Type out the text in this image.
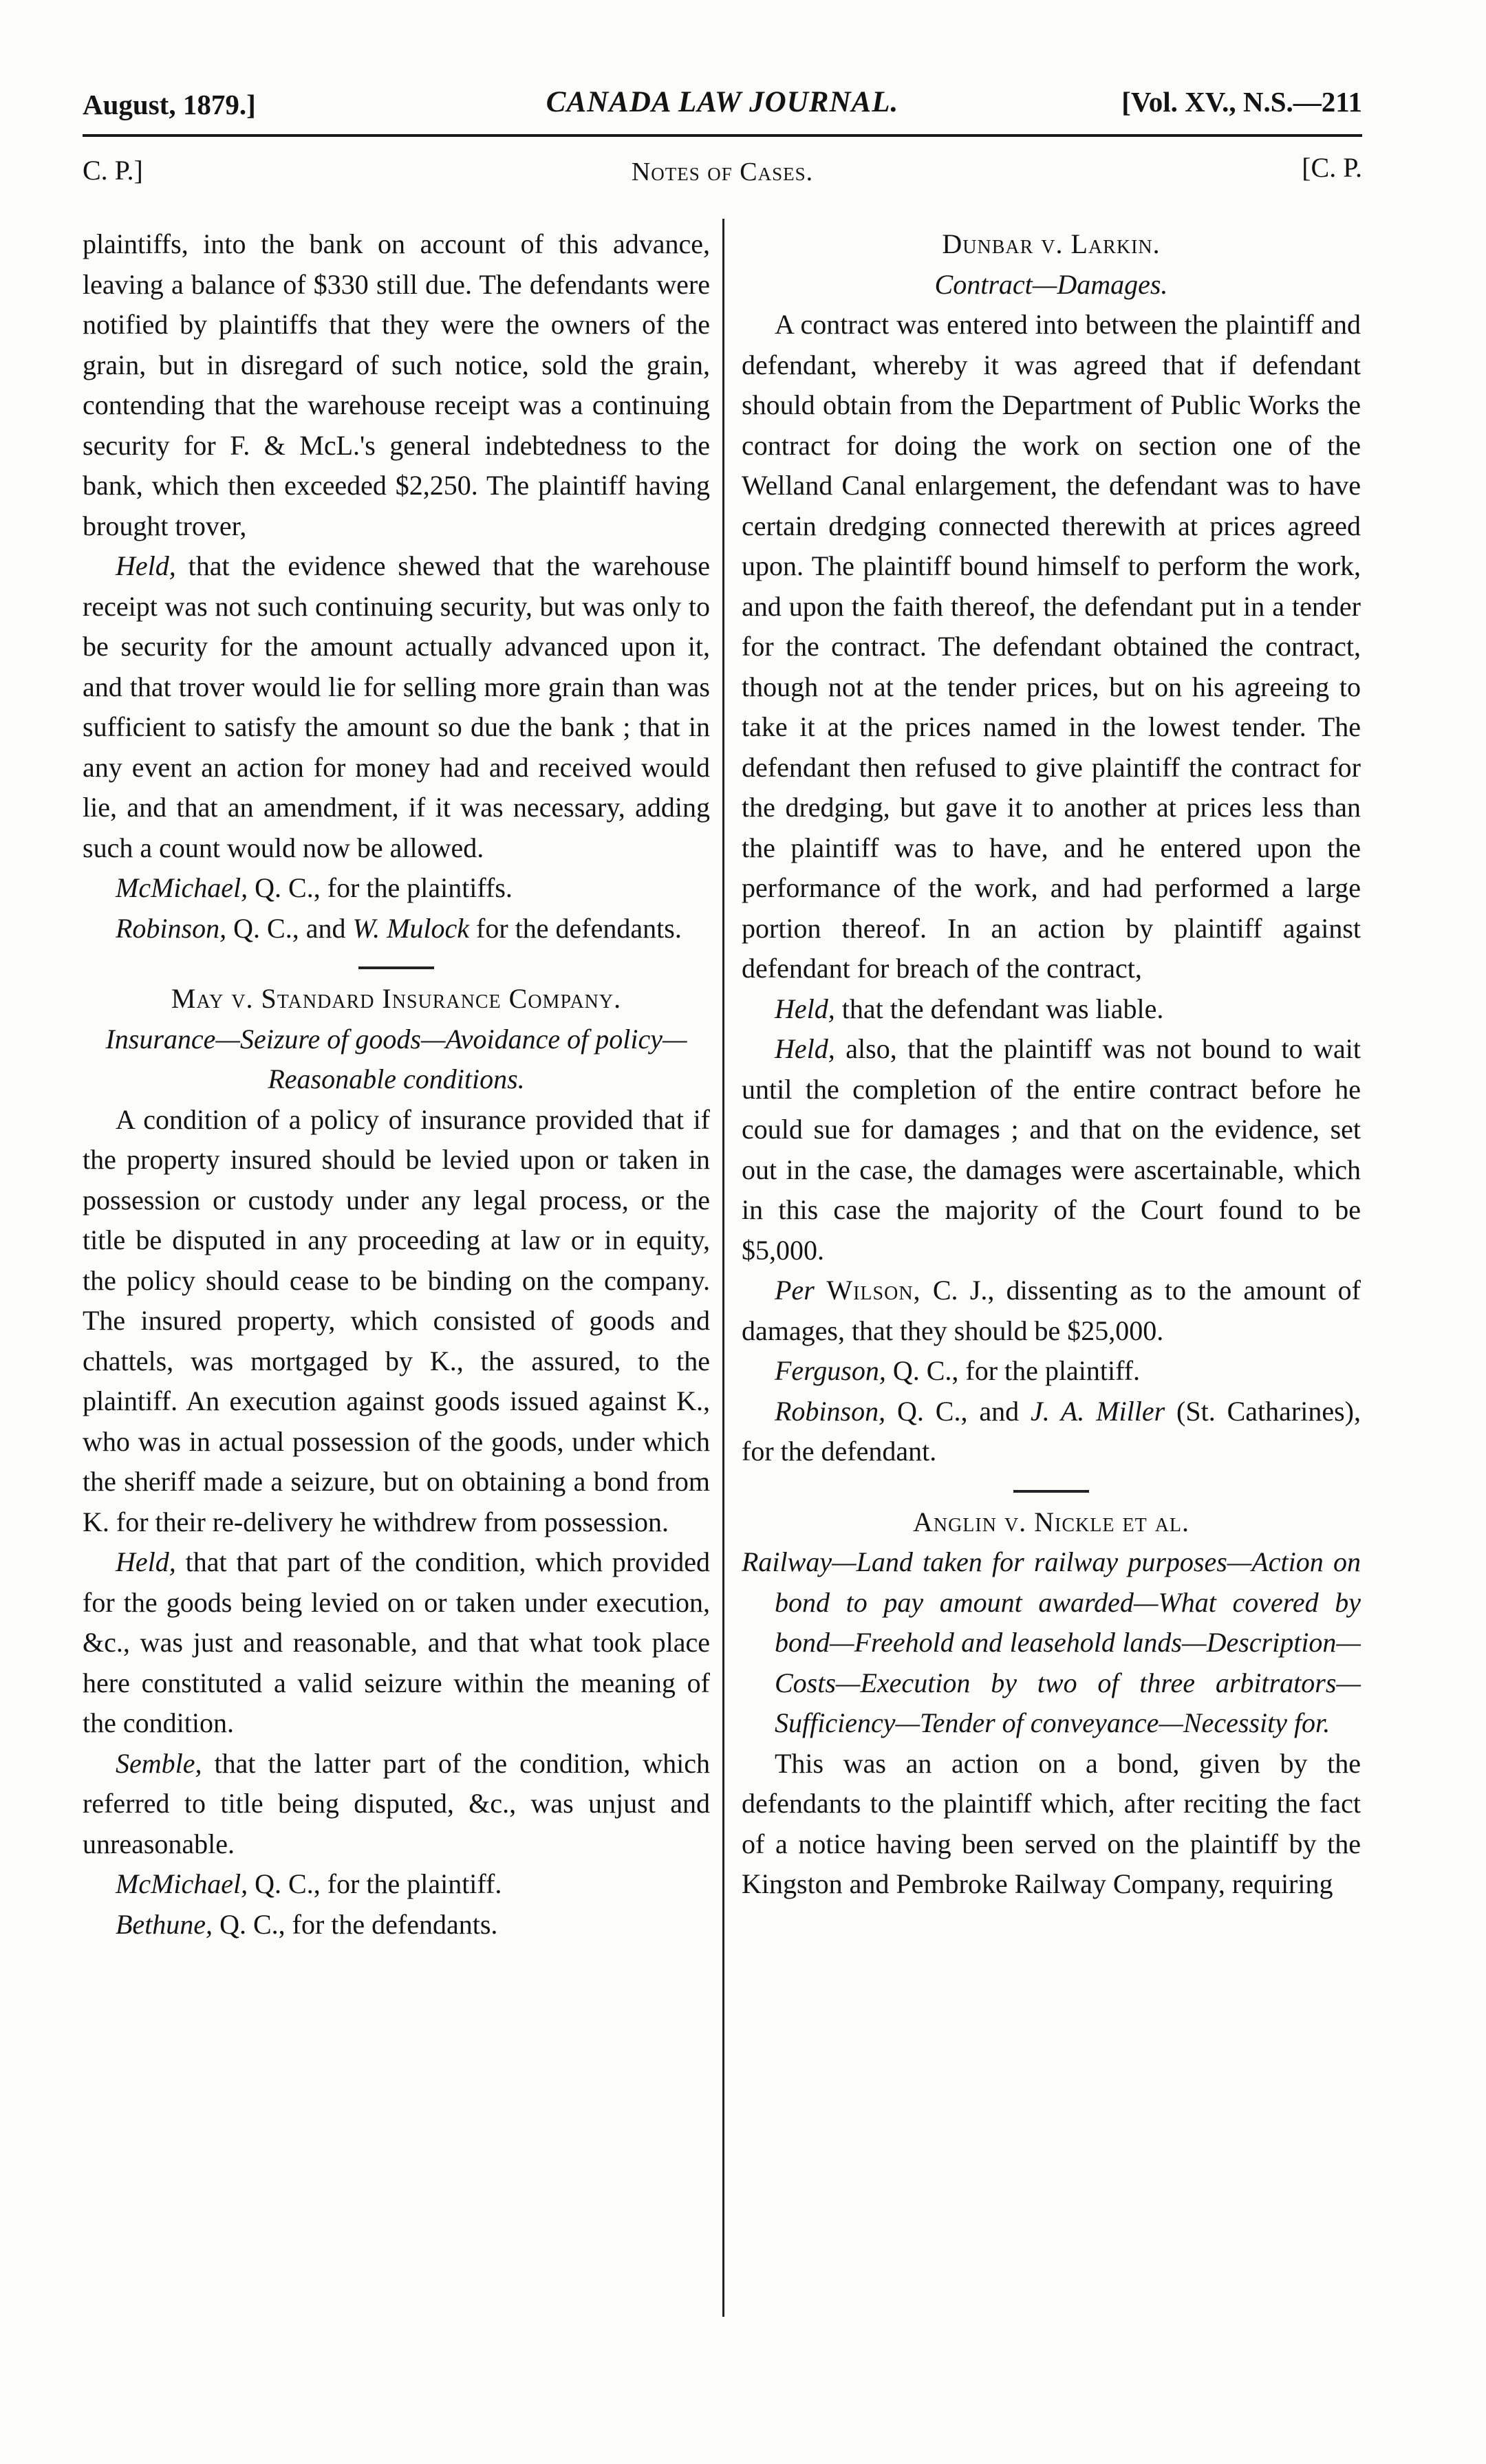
August, 1879.]	CANADA LAW JOURNAL.	[Vol. XV., N.S.—211
C. P.]	Notes of Cases.	[C. P.

plaintiffs, into the bank on account of this advance, leaving a balance of $330 still due. The defendants were notified by plaintiffs that they were the owners of the grain, but in disregard of such notice, sold the grain, contending that the warehouse receipt was a continuing security for F. & McL.'s general indebtedness to the bank, which then exceeded $2,250. The plaintiff having brought trover,

Held, that the evidence shewed that the warehouse receipt was not such continuing security, but was only to be security for the amount actually advanced upon it, and that trover would lie for selling more grain than was sufficient to satisfy the amount so due the bank ; that in any event an action for money had and received would lie, and that an amendment, if it was necessary, adding such a count would now be allowed.

McMichael, Q. C., for the plaintiffs.

Robinson, Q. C., and W. Mulock for the defendants.

May v. Standard Insurance Company.

Insurance—Seizure of goods—Avoidance of policy—Reasonable conditions.

A condition of a policy of insurance provided that if the property insured should be levied upon or taken in possession or custody under any legal process, or the title be disputed in any proceeding at law or in equity, the policy should cease to be binding on the company. The insured property, which consisted of goods and chattels, was mortgaged by K., the assured, to the plaintiff. An execution against goods issued against K., who was in actual possession of the goods, under which the sheriff made a seizure, but on obtaining a bond from K. for their re-delivery he withdrew from possession.

Held, that that part of the condition, which provided for the goods being levied on or taken under execution, &c., was just and reasonable, and that what took place here constituted a valid seizure within the meaning of the condition.

Semble, that the latter part of the condition, which referred to title being disputed, &c., was unjust and unreasonable.

McMichael, Q. C., for the plaintiff.

Bethune, Q. C., for the defendants.

Dunbar v. Larkin.

Contract—Damages.

A contract was entered into between the plaintiff and defendant, whereby it was agreed that if defendant should obtain from the Department of Public Works the contract for doing the work on section one of the Welland Canal enlargement, the defendant was to have certain dredging connected therewith at prices agreed upon. The plaintiff bound himself to perform the work, and upon the faith thereof, the defendant put in a tender for the contract. The defendant obtained the contract, though not at the tender prices, but on his agreeing to take it at the prices named in the lowest tender. The defendant then refused to give plaintiff the contract for the dredging, but gave it to another at prices less than the plaintiff was to have, and he entered upon the performance of the work, and had performed a large portion thereof. In an action by plaintiff against defendant for breach of the contract,

Held, that the defendant was liable.

Held, also, that the plaintiff was not bound to wait until the completion of the entire contract before he could sue for damages ; and that on the evidence, set out in the case, the damages were ascertainable, which in this case the majority of the Court found to be $5,000.

Per Wilson, C. J., dissenting as to the amount of damages, that they should be $25,000.

Ferguson, Q. C., for the plaintiff.

Robinson, Q. C., and J. A. Miller (St. Catharines), for the defendant.

Anglin v. Nickle et al.

Railway—Land taken for railway purposes—Action on bond to pay amount awarded—What covered by bond—Freehold and leasehold lands—Description—Costs—Execution by two of three arbitrators—Sufficiency—Tender of conveyance—Necessity for.

This was an action on a bond, given by the defendants to the plaintiff which, after reciting the fact of a notice having been served on the plaintiff by the Kingston and Pembroke Railway Company, requiring
